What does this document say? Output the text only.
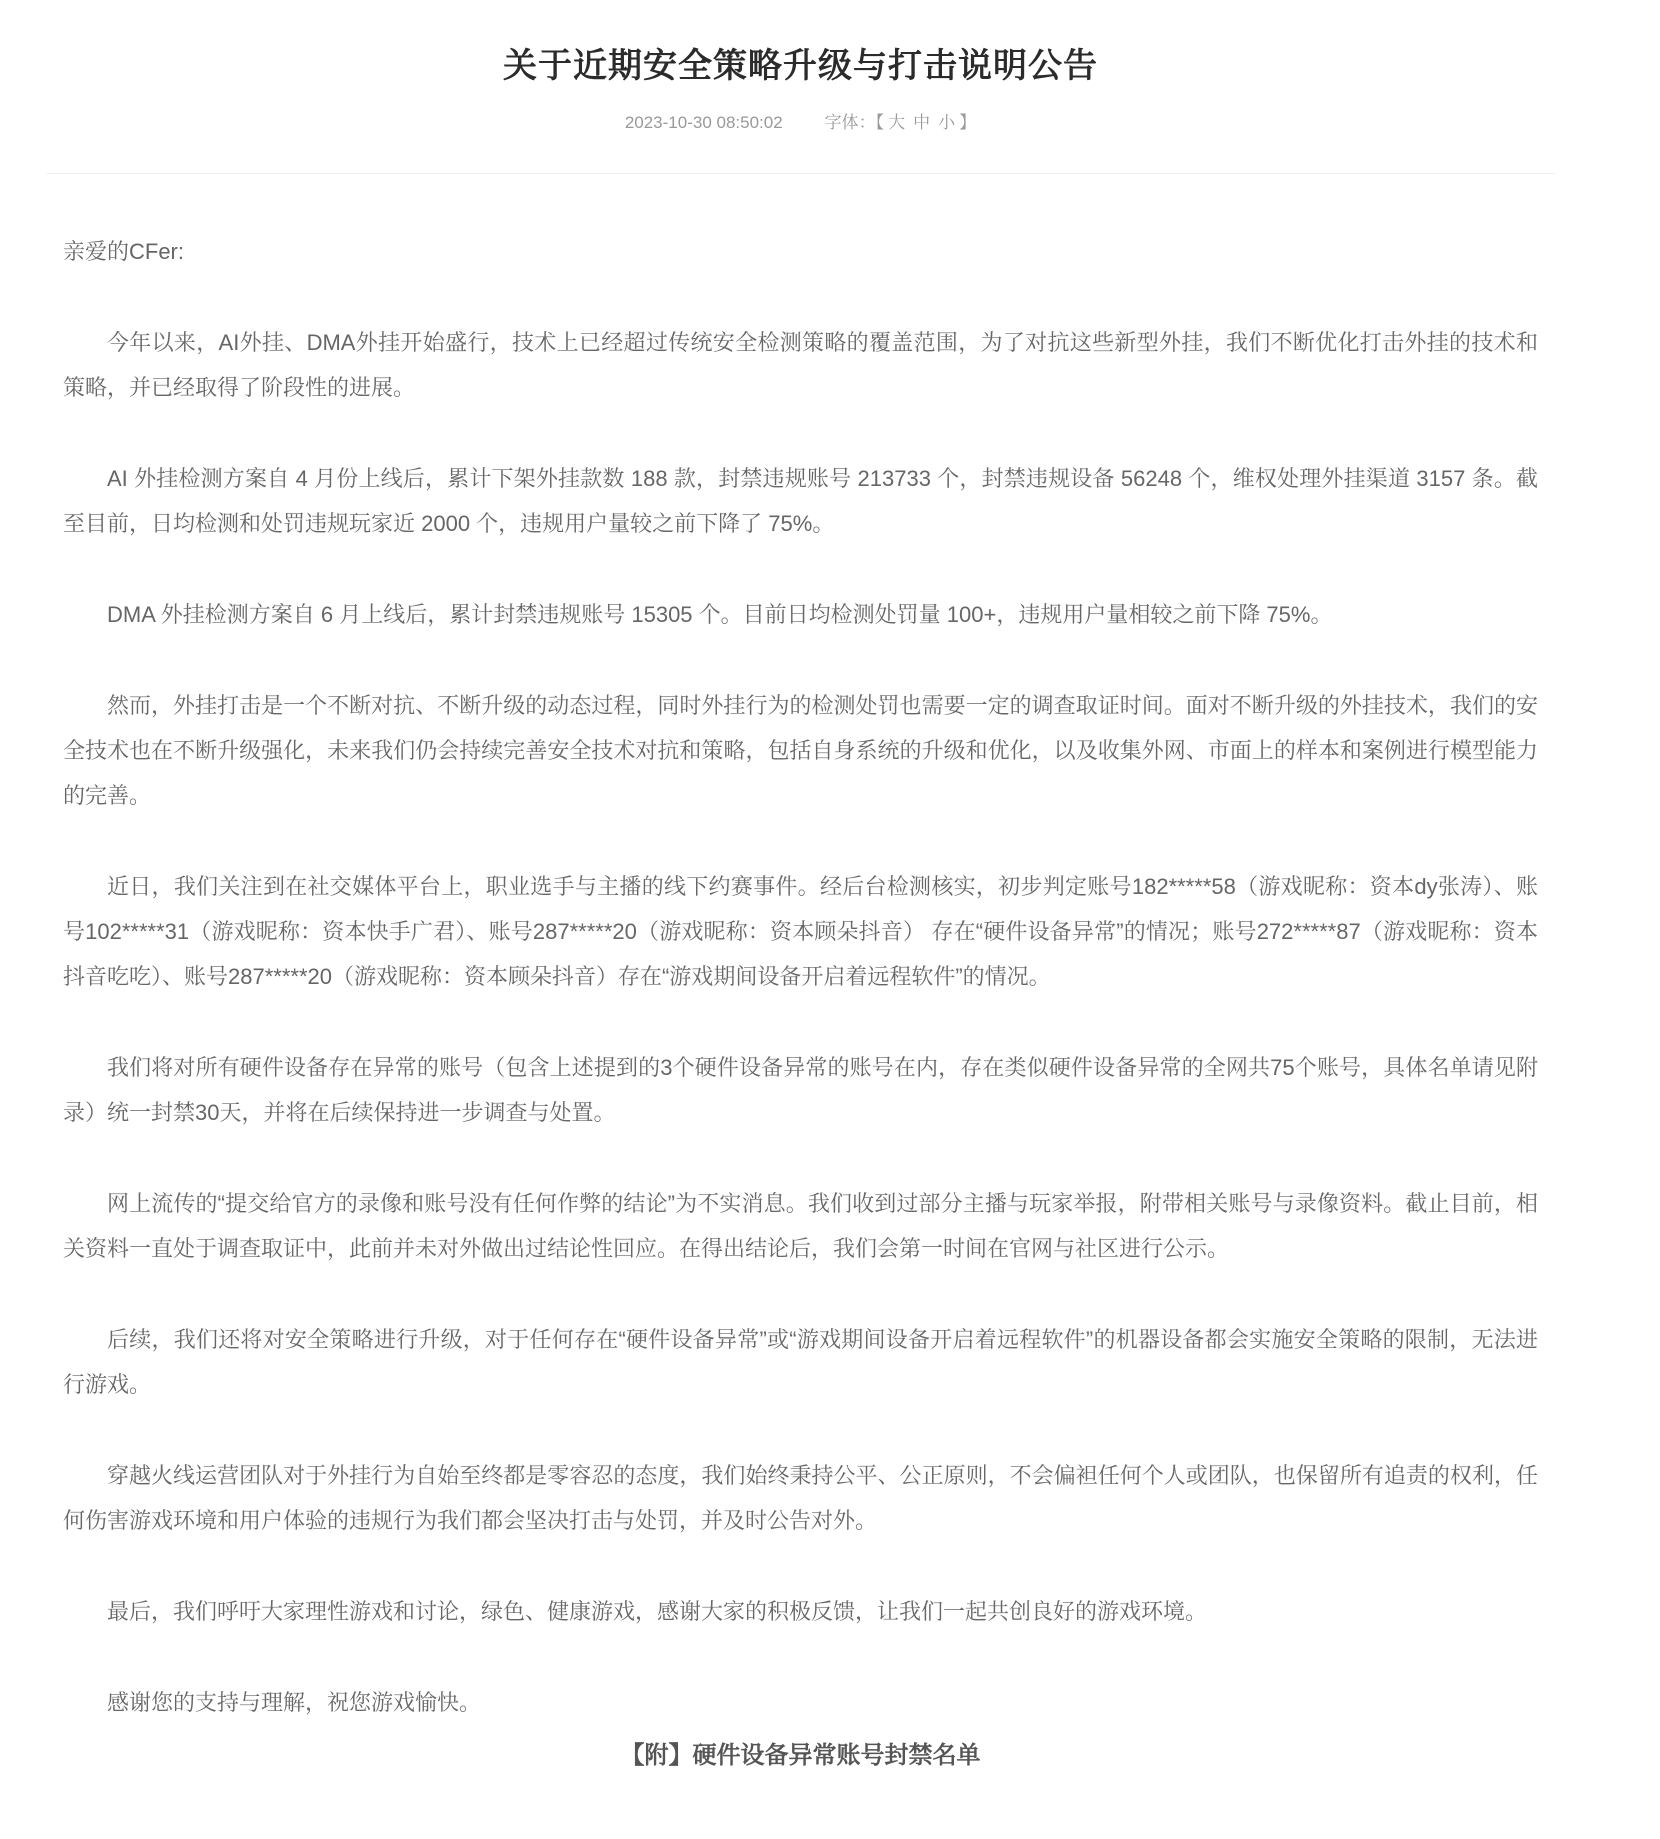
关于近期安全策略升级与打击说明公告
2023-10-30 08:50:02 字体：【 大 中 小 】
亲爱的CFer:

今年以来，AI外挂、DMA外挂开始盛行，技术上已经超过传统安全检测策略的覆盖范围，为了对抗这些新型外挂，我们不断优化打击外挂的技术和策略，并已经取得了阶段性的进展。

AI 外挂检测方案自 4 月份上线后，累计下架外挂款数 188 款，封禁违规账号 213733 个，封禁违规设备 56248 个，维权处理外挂渠道 3157 条。截至目前，日均检测和处罚违规玩家近 2000 个，违规用户量较之前下降了 75%。

DMA 外挂检测方案自 6 月上线后，累计封禁违规账号 15305 个。目前日均检测处罚量 100+，违规用户量相较之前下降 75%。

然而，外挂打击是一个不断对抗、不断升级的动态过程，同时外挂行为的检测处罚也需要一定的调查取证时间。面对不断升级的外挂技术，我们的安全技术也在不断升级强化，未来我们仍会持续完善安全技术对抗和策略，包括自身系统的升级和优化，以及收集外网、市面上的样本和案例进行模型能力的完善。

近日，我们关注到在社交媒体平台上，职业选手与主播的线下约赛事件。经后台检测核实，初步判定账号182*****58（游戏昵称：资本dy张涛）、账号102*****31（游戏昵称：资本快手广君）、账号287*****20（游戏昵称：资本顾朵抖音） 存在“硬件设备异常”的情况；账号272*****87（游戏昵称：资本抖音吃吃）、账号287*****20（游戏昵称：资本顾朵抖音）存在“游戏期间设备开启着远程软件”的情况。

我们将对所有硬件设备存在异常的账号（包含上述提到的3个硬件设备异常的账号在内，存在类似硬件设备异常的全网共75个账号，具体名单请见附录）统一封禁30天，并将在后续保持进一步调查与处置。

网上流传的“提交给官方的录像和账号没有任何作弊的结论”为不实消息。我们收到过部分主播与玩家举报，附带相关账号与录像资料。截止目前，相关资料一直处于调查取证中，此前并未对外做出过结论性回应。在得出结论后，我们会第一时间在官网与社区进行公示。

后续，我们还将对安全策略进行升级，对于任何存在“硬件设备异常”或“游戏期间设备开启着远程软件”的机器设备都会实施安全策略的限制，无法进行游戏。

穿越火线运营团队对于外挂行为自始至终都是零容忍的态度，我们始终秉持公平、公正原则，不会偏袒任何个人或团队，也保留所有追责的权利，任何伤害游戏环境和用户体验的违规行为我们都会坚决打击与处罚，并及时公告对外。

最后，我们呼吁大家理性游戏和讨论，绿色、健康游戏，感谢大家的积极反馈，让我们一起共创良好的游戏环境。

感谢您的支持与理解，祝您游戏愉快。

【附】硬件设备异常账号封禁名单
